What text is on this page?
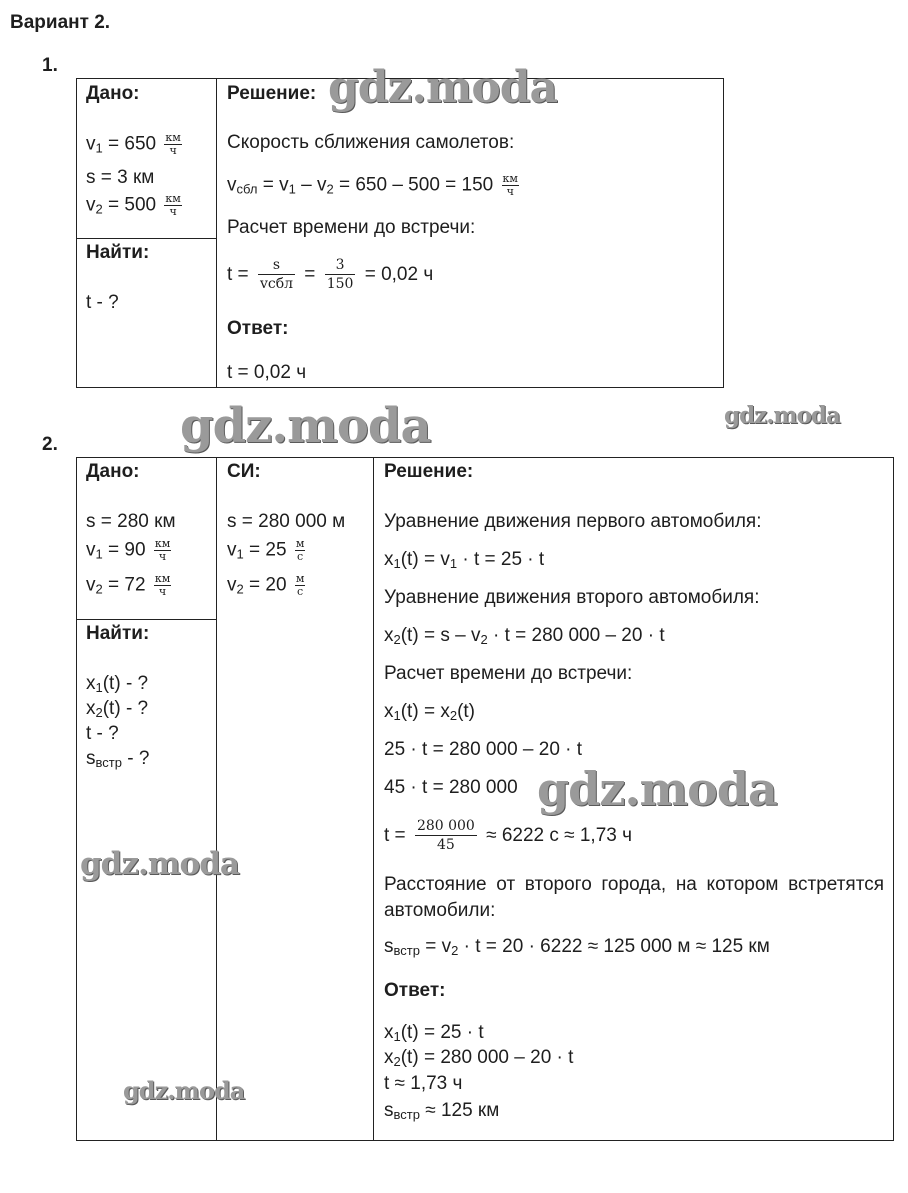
Вариант 2.
1.
Дано:
$v_1 = 650 \frac{км}{ч}$
s = 3 км
$v_2 = 500 \frac{км}{ч}$
Найти:
t - ?
Решение:
Скорость сближения самолетов:
$v_{сбл} = v_1 - v_2 = 650 - 500 = 150 \frac{км}{ч}$
Расчет времени до встречи:
t =	s
vсбл = $\frac{3}{150} = 0,02$ ч
Ответ:
t = 0,02 ч
2.
Дано:
s = 280 км
$v_1 = 90 \frac{км}{ч}$
$v_2 = 72 \frac{км}{ч}$
СИ:
s = 280 000 м
$v_1 = 25 \frac{м}{с}$
$v_2 = 20 \frac{м}{с}$
Найти:
$x_1(t)$ - ?
$x_2(t)$ - ?
t - ?
$s_{встр}$ - ?
Решение:
Уравнение движения первого автомобиля:
$x_1(t) = v_1 \cdot t = 25 \cdot t$
Уравнение движения второго автомобиля:
$x_2(t) = s - v_2 \cdot t = 280$ 000 – 20 · t
Расчет времени до встречи:
$x_1(t) = x_2(t)$
25 · t = 280 000 – 20 · t
45 · t = 280 000
$t = \frac{280 000}{45} \approx 6222$ с ≈ 1,73 ч
Расстояние от второго города, на котором встретятся автомобили:
$s_{встр} = v_2 \cdot t = 20 \cdot 6222 \approx 125$ 000 м ≈ 125 км
Ответ:
$x_1(t) = 25 \cdot t$
$x_2(t) = 280$ 000 – 20 · t
t ≈ 1,73 ч
$s_{встр} \approx 125$ км
gdz.moda
gdz.moda	gdz.moda
gdz.moda
gdz.moda
gdz.moda
